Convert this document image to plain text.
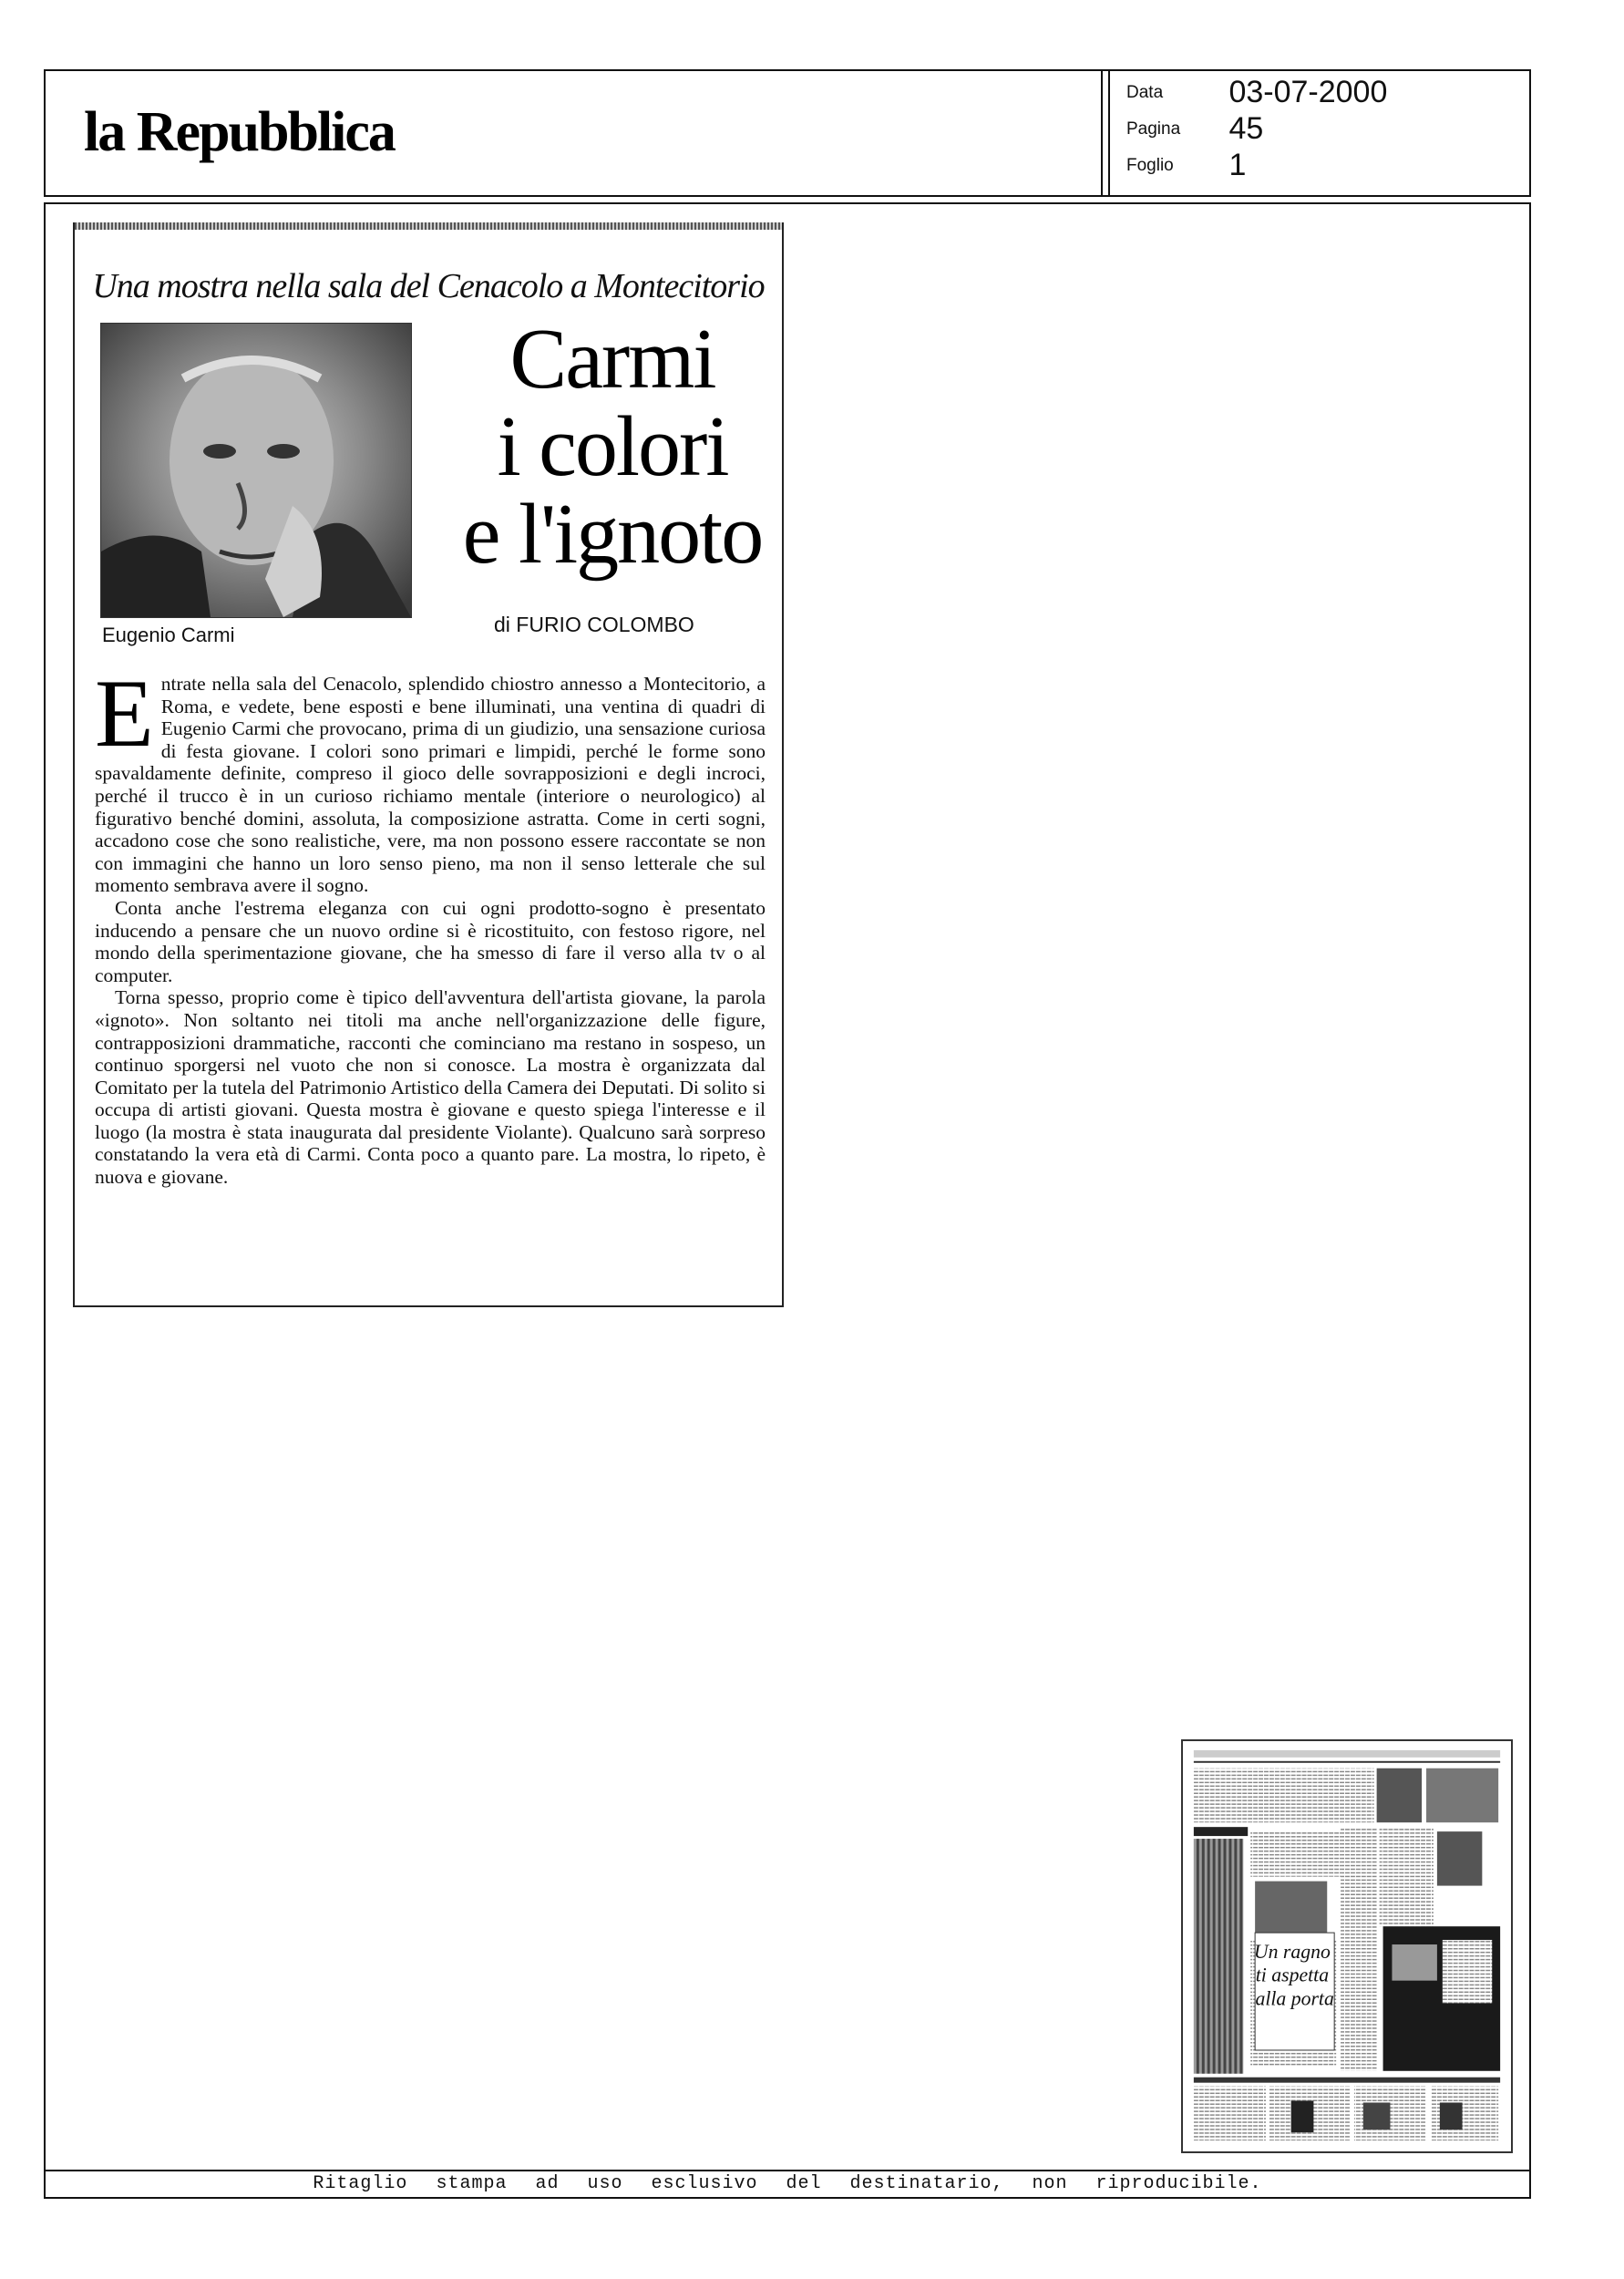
la Repubblica
Data 03-07-2000
Pagina 45
Foglio 1
Una mostra nella sala del Cenacolo a Montecitorio
Eugenio Carmi
Carmi
i colori
e l'ignoto
di FURIO COLOMBO

Entrate nella sala del Cenacolo, splendido chiostro annesso a Montecitorio, a Roma, e vedete, bene esposti e bene illuminati, una ventina di quadri di Eugenio Carmi che provocano, prima di un giudizio, una sensazione curiosa di festa giovane. I colori sono primari e limpidi, perché le forme sono spavaldamente definite, compreso il gioco delle sovrapposizioni e degli incroci, perché il trucco è in un curioso richiamo mentale (interiore o neurologico) al figurativo benché domini, assoluta, la composizione astratta. Come in certi sogni, accadono cose che sono realistiche, vere, ma non possono essere raccontate se non con immagini che hanno un loro senso pieno, ma non il senso letterale che sul momento sembrava avere il sogno.

Conta anche l'estrema eleganza con cui ogni prodotto-sogno è presentato inducendo a pensare che un nuovo ordine si è ricostituito, con festoso rigore, nel mondo della sperimentazione giovane, che ha smesso di fare il verso alla tv o al computer.

Torna spesso, proprio come è tipico dell'avventura dell'artista giovane, la parola «ignoto». Non soltanto nei titoli ma anche nell'organizzazione delle figure, contrapposizioni drammatiche, racconti che cominciano ma restano in sospeso, un continuo sporgersi nel vuoto che non si conosce. La mostra è organizzata dal Comitato per la tutela del Patrimonio Artistico della Camera dei Deputati. Di solito si occupa di artisti giovani. Questa mostra è giovane e questo spiega l'interesse e il luogo (la mostra è stata inaugurata dal presidente Violante). Qualcuno sarà sorpreso constatando la vera età di Carmi. Conta poco a quanto pare. La mostra, lo ripeto, è nuova e giovane.

Un ragno ti aspetta alla porta
Ritaglio stampa ad uso esclusivo del destinatario, non riproducibile.
